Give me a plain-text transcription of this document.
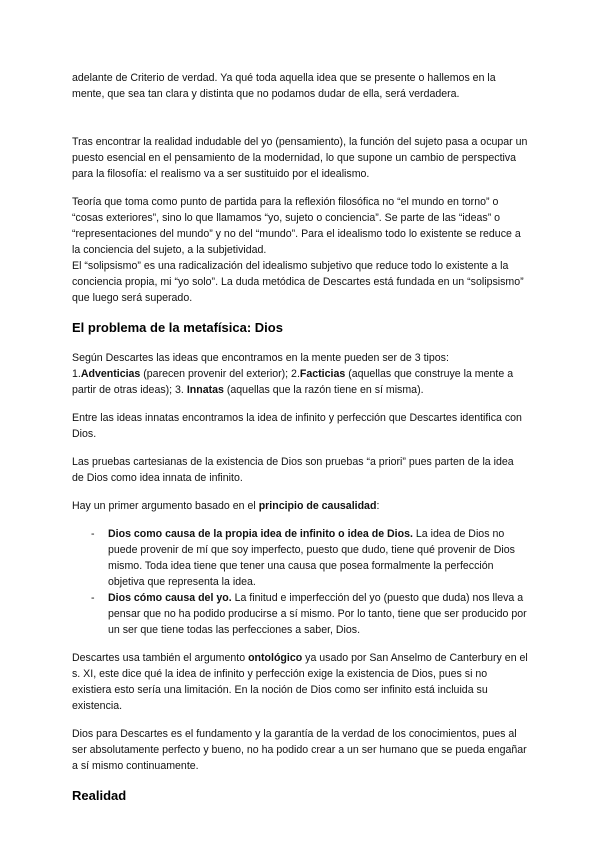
adelante de Criterio de verdad. Ya qué toda aquella idea que se presente o hallemos en la mente, que sea tan clara y distinta que no podamos dudar de ella, será verdadera.

Tras encontrar la realidad indudable del yo (pensamiento), la función del sujeto pasa a ocupar un puesto esencial en el pensamiento de la modernidad, lo que supone un cambio de perspectiva para la filosofía: el realismo va a ser sustituido por el idealismo.

Teoría que toma como punto de partida para la reflexión filosófica no “el mundo en torno” o “cosas exteriores”, sino lo que llamamos “yo, sujeto o conciencia”. Se parte de las “ideas” o “representaciones del mundo” y no del “mundo”. Para el idealismo todo lo existente se reduce a la conciencia del sujeto, a la subjetividad.

El “solipsismo” es una radicalización del idealismo subjetivo que reduce todo lo existente a la conciencia propia, mi “yo solo”. La duda metódica de Descartes está fundada en un “solipsismo” que luego será superado.

El problema de la metafísica: Dios

Según Descartes las ideas que encontramos en la mente pueden ser de 3 tipos:
1.Adventicias (parecen provenir del exterior); 2.Facticias (aquellas que construye la mente a partir de otras ideas); 3. Innatas (aquellas que la razón tiene en sí misma).

Entre las ideas innatas encontramos la idea de infinito y perfección que Descartes identifica con Dios.

Las pruebas cartesianas de la existencia de Dios son pruebas “a priori” pues parten de la idea de Dios como idea innata de infinito.

Hay un primer argumento basado en el principio de causalidad:

- Dios como causa de la propia idea de infinito o idea de Dios. La idea de Dios no puede provenir de mí que soy imperfecto, puesto que dudo, tiene qué provenir de Dios mismo. Toda idea tiene que tener una causa que posea formalmente la perfección objetiva que representa la idea.
- Dios cómo causa del yo. La finitud e imperfección del yo (puesto que duda) nos lleva a pensar que no ha podido producirse a sí mismo. Por lo tanto, tiene que ser producido por un ser que tiene todas las perfecciones a saber, Dios.

Descartes usa también el argumento ontológico ya usado por San Anselmo de Canterbury en el s. XI, este dice qué la idea de infinito y perfección exige la existencia de Dios, pues si no existiera esto sería una limitación. En la noción de Dios como ser infinito está incluida su existencia.

Dios para Descartes es el fundamento y la garantía de la verdad de los conocimientos, pues al ser absolutamente perfecto y bueno, no ha podido crear a un ser humano que se pueda engañar a sí mismo continuamente.

Realidad
